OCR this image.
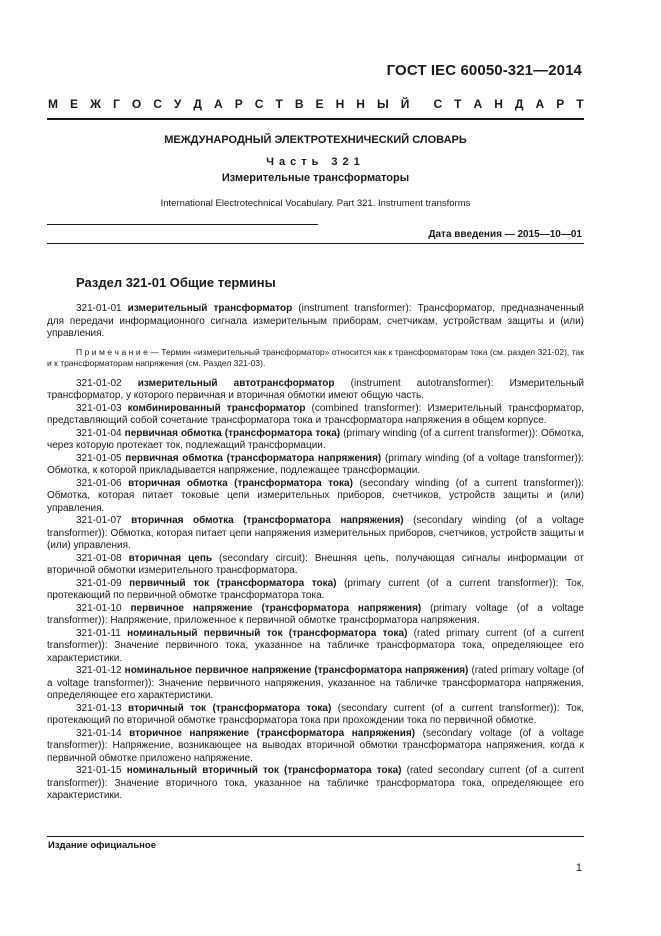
ГОСТ IEC 60050-321—2014
М Е Ж Г О С У Д А Р С Т В Е Н Н Ы Й С Т А Н Д А Р Т
МЕЖДУНАРОДНЫЙ ЭЛЕКТРОТЕХНИЧЕСКИЙ СЛОВАРЬ
Часть 321
Измерительные трансформаторы
International Electrotechnical Vocabulary. Part 321. Instrument transforms
Дата введения — 2015—10—01
Раздел 321-01 Общие термины

321-01-01 измерительный трансформатор (instrument transformer): Трансформатор, предназначенный для передачи информационного сигнала измерительным приборам, счетчикам, устройствам защиты и (или) управления.

П р и м е ч а н и е — Термин «измерительный трансформатор» относится как к трансформаторам тока (см. раздел 321-02), так и к трансформаторам напряжения (см. Раздел 321-03).

321-01-02 измерительный автотрансформатор (instrument autotransformer): Измерительный трансформатор, у которого первичная и вторичная обмотки имеют общую часть.

321-01-03 комбинированный трансформатор (combined transformer): Измерительный трансформатор, представляющий собой сочетание трансформатора тока и трансформатора напряжения в общем корпусе.

321-01-04 первичная обмотка (трансформатора тока) (primary winding (of a current transformer)): Обмотка, через которую протекает ток, подлежащий трансформации.

321-01-05 первичная обмотка (трансформатора напряжения) (primary winding (of a voltage transformer)): Обмотка, к которой прикладывается напряжение, подлежащее трансформации.

321-01-06 вторичная обмотка (трансформатора тока) (secondary winding (of a current transformer)): Обмотка, которая питает токовые цепи измерительных приборов, счетчиков, устройств защиты и (или) управления.

321-01-07 вторичная обмотка (трансформатора напряжения) (secondary winding (of a voltage transformer)): Обмотка, которая питает цепи напряжения измерительных приборов, счетчиков, устройств защиты и (или) управления.

321-01-08 вторичная цепь (secondary circuit): Внешняя цепь, получающая сигналы информации от вторичной обмотки измерительного трансформатора.

321-01-09 первичный ток (трансформатора тока) (primary current (of a current transformer)): Ток, протекающий по первичной обмотке трансформатора тока.

321-01-10 первичное напряжение (трансформатора напряжения) (primary voltage (of a voltage transformer)): Напряжение, приложенное к первичной обмотке трансформатора напряжения.

321-01-11 номинальный первичный ток (трансформатора тока) (rated primary current (of a current transformer)): Значение первичного тока, указанное на табличке трансформатора тока, определяющее его характеристики.

321-01-12 номинальное первичное напряжение (трансформатора напряжения) (rated primary voltage (of a voltage transformer)): Значение первичного напряжения, указанное на табличке трансформатора напряжения, определяющее его характеристики.

321-01-13 вторичный ток (трансформатора тока) (secondary current (of a current transformer)): Ток, протекающий по вторичной обмотке трансформатора тока при прохождении тока по первичной обмотке.

321-01-14 вторичное напряжение (трансформатора напряжения) (secondary voltage (of a voltage transformer)): Напряжение, возникающее на выводах вторичной обмотки трансформатора напряжения, когда к первичной обмотке приложено напряжение.

321-01-15 номинальный вторичный ток (трансформатора тока) (rated secondary current (of a current transformer)): Значение вторичного тока, указанное на табличке трансформатора тока, определяющее его характеристики.

Издание официальное
1
